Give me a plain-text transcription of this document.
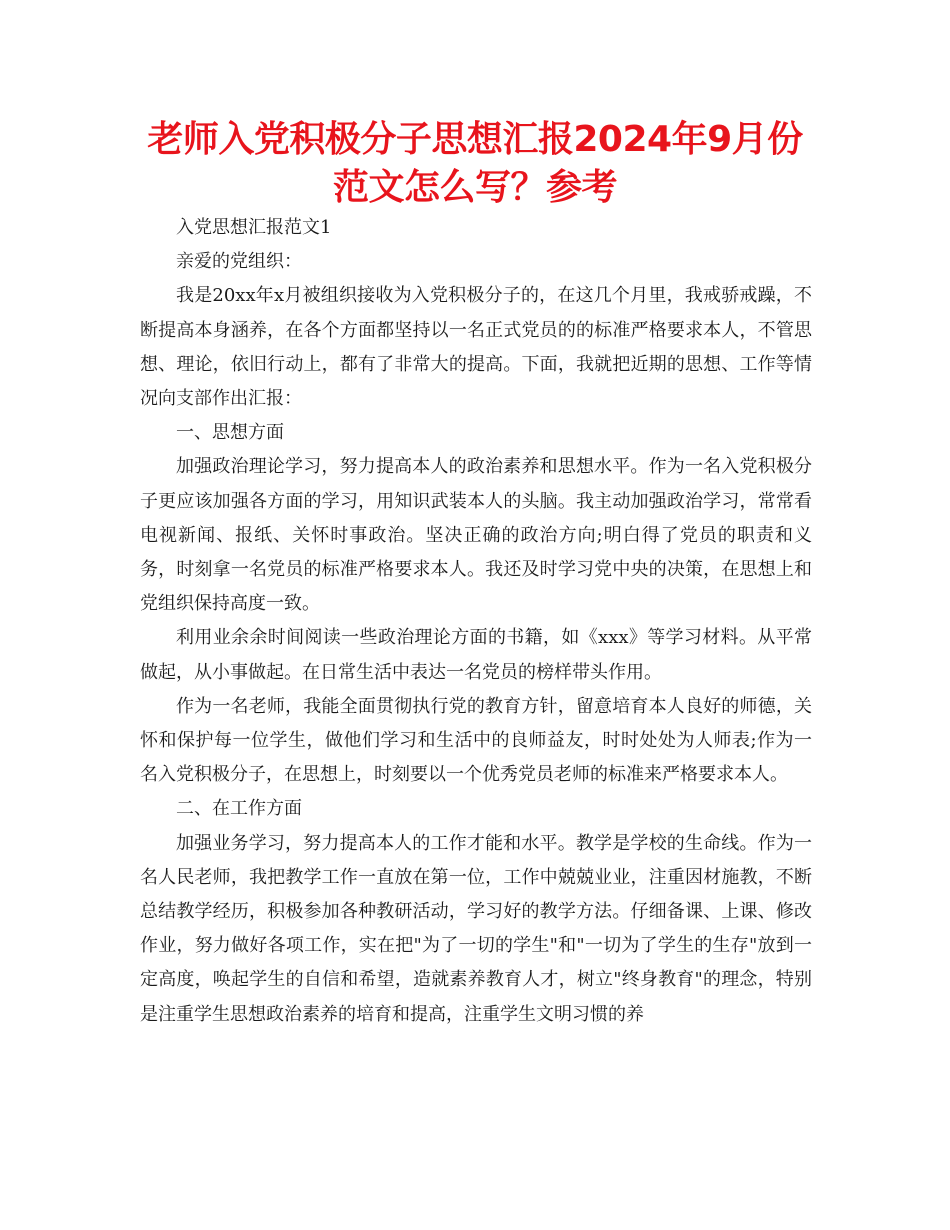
老师入党积极分子思想汇报2024年9月份范文怎么写？参考

入党思想汇报范文1

亲爱的党组织：

我是20xx年x月被组织接收为入党积极分子的，在这几个月里，我戒骄戒躁，不断提高本身涵养，在各个方面都坚持以一名正式党员的的标准严格要求本人，不管思想、理论，依旧行动上，都有了非常大的提高。下面，我就把近期的思想、工作等情况向支部作出汇报：

一、思想方面

加强政治理论学习，努力提高本人的政治素养和思想水平。作为一名入党积极分子更应该加强各方面的学习，用知识武装本人的头脑。我主动加强政治学习，常常看电视新闻、报纸、关怀时事政治。坚决正确的政治方向;明白得了党员的职责和义务，时刻拿一名党员的标准严格要求本人。我还及时学习党中央的决策，在思想上和党组织保持高度一致。

利用业余余时间阅读一些政治理论方面的书籍，如《xxx》等学习材料。从平常做起，从小事做起。在日常生活中表达一名党员的榜样带头作用。

作为一名老师，我能全面贯彻执行党的教育方针，留意培育本人良好的师德，关怀和保护每一位学生，做他们学习和生活中的良师益友，时时处处为人师表;作为一名入党积极分子，在思想上，时刻要以一个优秀党员老师的标准来严格要求本人。

二、在工作方面

加强业务学习，努力提高本人的工作才能和水平。教学是学校的生命线。作为一名人民老师，我把教学工作一直放在第一位，工作中兢兢业业，注重因材施教，不断总结教学经历，积极参加各种教研活动，学习好的教学方法。仔细备课、上课、修改作业，努力做好各项工作，实在把"为了一切的学生"和"一切为了学生的生存"放到一定高度，唤起学生的自信和希望，造就素养教育人才，树立"终身教育"的理念，特别是注重学生思想政治素养的培育和提高，注重学生文明习惯的养
